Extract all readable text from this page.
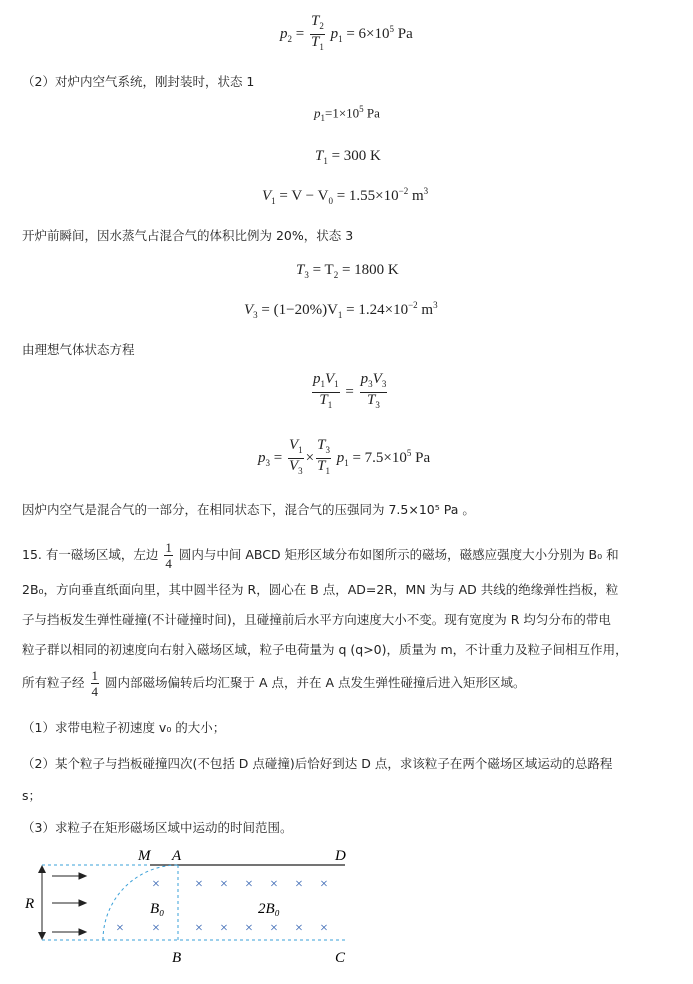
$p_2 = \frac{T_2}{T_1} p_1 = 6\times 10^5$ Pa
（2）对炉内空气系统，刚封装时，状态 1
$p_1=1\times 10^5$ Pa
$T_1 = 300$ K
$V_1 = V - V_0 = 1.55\times 10^{-2}$ $m^3$
开炉前瞬间，因水蒸气占混合气的体积比例为 20%，状态 3
$T_3 = T_2 = 1800$ K
$V_3 = (1-20\%)V_1 = 1.24\times 10^{-2}$ $m^3$
由理想气体状态方程
$\frac{p_1V_1}{T_1} = \frac{p_3V_3}{T_3}$
$p_3 = \frac{V_1}{V_3} \times \frac{T_3}{T_1} p_1 = 7.5\times 10^5$ Pa
因炉内空气是混合气的一部分，在相同状态下，混合气的压强同为 7.5×10⁵ Pa 。
15. 有一磁场区域，左边 $\frac{1}{4}$ 圆内与中间 ABCD 矩形区域分布如图所示的磁场，磁感应强度大小分别为 B₀ 和
2B₀，方向垂直纸面向里，其中圆半径为 R，圆心在 B 点，AD=2R，MN 为与 AD 共线的绝缘弹性挡板，粒
子与挡板发生弹性碰撞(不计碰撞时间)，且碰撞前后水平方向速度大小不变。现有宽度为 R 均匀分布的带电
粒子群以相同的初速度向右射入磁场区域，粒子电荷量为 q (q>0)，质量为 m，不计重力及粒子间相互作用，
所有粒子经 $\frac{1}{4}$ 圆内部磁场偏转后均汇聚于 A 点，并在 A 点发生弹性碰撞后进入矩形区域。
（1）求带电粒子初速度 v₀ 的大小；
（2）某个粒子与挡板碰撞四次(不包括 D 点碰撞)后恰好到达 D 点，求该粒子在两个磁场区域运动的总路程
s；
（3）求粒子在矩形磁场区域中运动的时间范围。
M A	D
R
×
× ×
B₀
× × × × × ×
× × × × × ×
2B₀
B	C
